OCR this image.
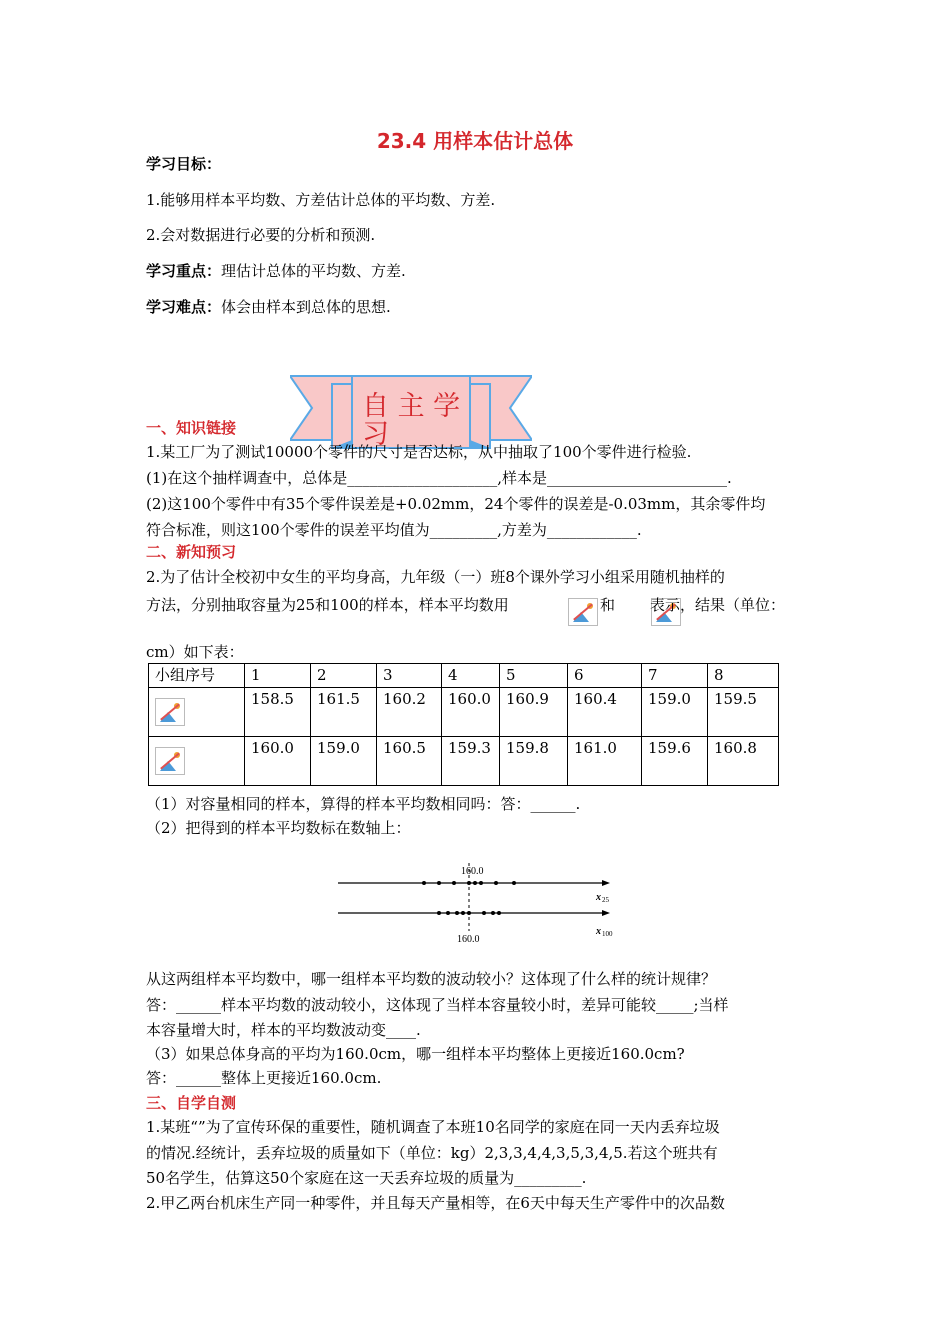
23.4 用样本估计总体
学习目标：
1.能够用样本平均数、方差估计总体的平均数、方差.
2.会对数据进行必要的分析和预测.
学习重点：理估计总体的平均数、方差.
学习难点：体会由样本到总体的思想.
自 主 学
习
一、知识链接
1.某工厂为了测试10000个零件的尺寸是否达标，从中抽取了100个零件进行检验.
(1)在这个抽样调查中，总体是____________________,样本是________________________.
(2)这100个零件中有35个零件误差是+0.02mm，24个零件的误差是-0.03mm，其余零件均
符合标准，则这100个零件的误差平均值为_________,方差为____________.
二、新知预习
2.为了估计全校初中女生的平均身高，九年级（一）班8个课外学习小组采用随机抽样的
方法，分别抽取容量为25和100的样本，样本平均数用
	和 表示，结果（单位：
cm）如下表：
小组序号	1	2	3	4	5	6	7	8

	158.5	161.5	160.2	160.0	160.9	160.4	159.0	159.5

	160.0	159.0	160.5	159.3	159.8	161.0	159.6	160.8
（1）对容量相同的样本，算得的样本平均数相同吗：答：______.
（2）把得到的样本平均数标在数轴上：
160.0
160.0
x 25
x 100
从这两组样本平均数中，哪一组样本平均数的波动较小？这体现了什么样的统计规律？
答：______样本平均数的波动较小，这体现了当样本容量较小时，差异可能较_____;当样
本容量增大时，样本的平均数波动变____.
（3）如果总体身高的平均为160.0cm，哪一组样本平均整体上更接近160.0cm?
答：______整体上更接近160.0cm.
三、自学自测
1.某班“”为了宣传环保的重要性，随机调查了本班10名同学的家庭在同一天内丢弃垃圾
的情况.经统计，丢弃垃圾的质量如下（单位：kg）2,3,3,4,4,3,5,3,4,5.若这个班共有
50名学生，估算这50个家庭在这一天丢弃垃圾的质量为_________.
2.甲乙两台机床生产同一种零件，并且每天产量相等，在6天中每天生产零件中的次品数
